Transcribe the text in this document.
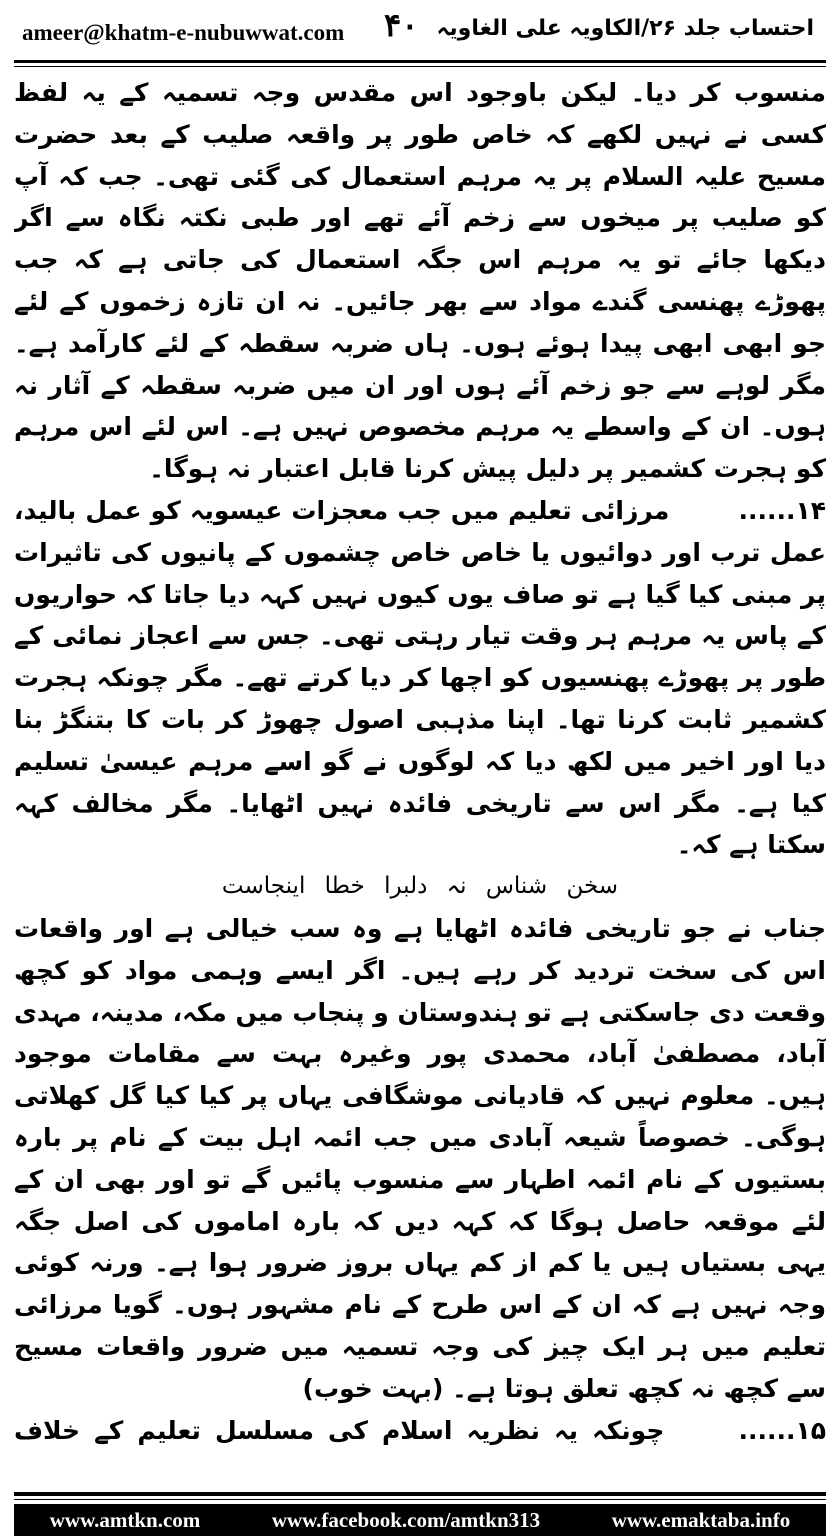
ameer@khatm-e-nubuwwat.com ۴۰ احتساب جلد ۲۶/الکاویہ علی الغاویہ

منسوب کر دیا۔ لیکن باوجود اس مقدس وجہ تسمیہ کے یہ لفظ کسی نے نہیں لکھے کہ خاص طور پر واقعہ صلیب کے بعد حضرت مسیح علیہ السلام پر یہ مرہم استعمال کی گئی تھی۔ جب کہ آپ کو صلیب پر میخوں سے زخم آئے تھے اور طبی نکتہ نگاہ سے اگر دیکھا جائے تو یہ مرہم اس جگہ استعمال کی جاتی ہے کہ جب پھوڑے پھنسی گندے مواد سے بھر جائیں۔ نہ ان تازہ زخموں کے لئے جو ابھی ابھی پیدا ہوئے ہوں۔ ہاں ضربہ سقطہ کے لئے کارآمد ہے۔ مگر لوہے سے جو زخم آئے ہوں اور ان میں ضربہ سقطہ کے آثار نہ ہوں۔ ان کے واسطے یہ مرہم مخصوص نہیں ہے۔ اس لئے اس مرہم کو ہجرت کشمیر پر دلیل پیش کرنا قابل اعتبار نہ ہوگا۔

۱۴...... مرزائی تعلیم میں جب معجزات عیسویہ کو عمل بالید، عمل ترب اور دوائیوں یا خاص خاص چشموں کے پانیوں کی تاثیرات پر مبنی کیا گیا ہے تو صاف یوں کیوں نہیں کہہ دیا جاتا کہ حواریوں کے پاس یہ مرہم ہر وقت تیار رہتی تھی۔ جس سے اعجاز نمائی کے طور پر پھوڑے پھنسیوں کو اچھا کر دیا کرتے تھے۔ مگر چونکہ ہجرت کشمیر ثابت کرنا تھا۔ اپنا مذہبی اصول چھوڑ کر بات کا بتنگڑ بنا دیا اور اخیر میں لکھ دیا کہ لوگوں نے گو اسے مرہم عیسیٰ تسلیم کیا ہے۔ مگر اس سے تاریخی فائدہ نہیں اٹھایا۔ مگر مخالف کہہ سکتا ہے کہ۔

سخن شناس نہ دلبرا خطا اینجاست

جناب نے جو تاریخی فائدہ اٹھایا ہے وہ سب خیالی ہے اور واقعات اس کی سخت تردید کر رہے ہیں۔ اگر ایسے وہمی مواد کو کچھ وقعت دی جاسکتی ہے تو ہندوستان و پنجاب میں مکہ، مدینہ، مہدی آباد، مصطفیٰ آباد، محمدی پور وغیرہ بہت سے مقامات موجود ہیں۔ معلوم نہیں کہ قادیانی موشگافی یہاں پر کیا کیا گل کھلاتی ہوگی۔ خصوصاً شیعہ آبادی میں جب ائمہ اہل بیت کے نام پر بارہ بستیوں کے نام ائمہ اطہار سے منسوب پائیں گے تو اور بھی ان کے لئے موقعہ حاصل ہوگا کہ کہہ دیں کہ بارہ اماموں کی اصل جگہ یہی بستیاں ہیں یا کم از کم یہاں بروز ضرور ہوا ہے۔ ورنہ کوئی وجہ نہیں ہے کہ ان کے اس طرح کے نام مشہور ہوں۔ گویا مرزائی تعلیم میں ہر ایک چیز کی وجہ تسمیہ میں ضرور واقعات مسیح سے کچھ نہ کچھ تعلق ہوتا ہے۔ (بہت خوب)

۱۵...... چونکہ یہ نظریہ اسلام کی مسلسل تعلیم کے خلاف

www.amtkn.com	www.facebook.com/amtkn313	www.emaktaba.info
